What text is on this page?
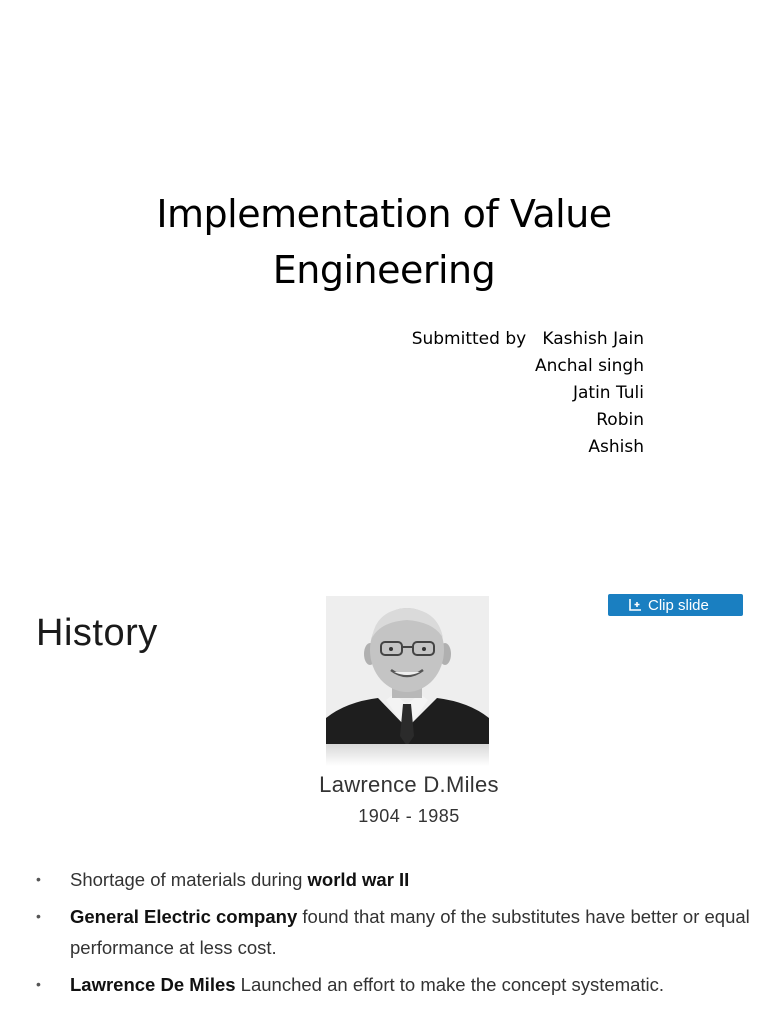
Implementation of Value
Engineering
Submitted by Kashish Jain
Anchal singh
Jatin Tuli
Robin
Ashish
History
Clip slide
Lawrence D.Miles
1904 - 1985
• Shortage of materials during world war II
• General Electric company found that many of the substitutes have better or equal performance at less cost.
• Lawrence De Miles Launched an effort to make the concept systematic.
